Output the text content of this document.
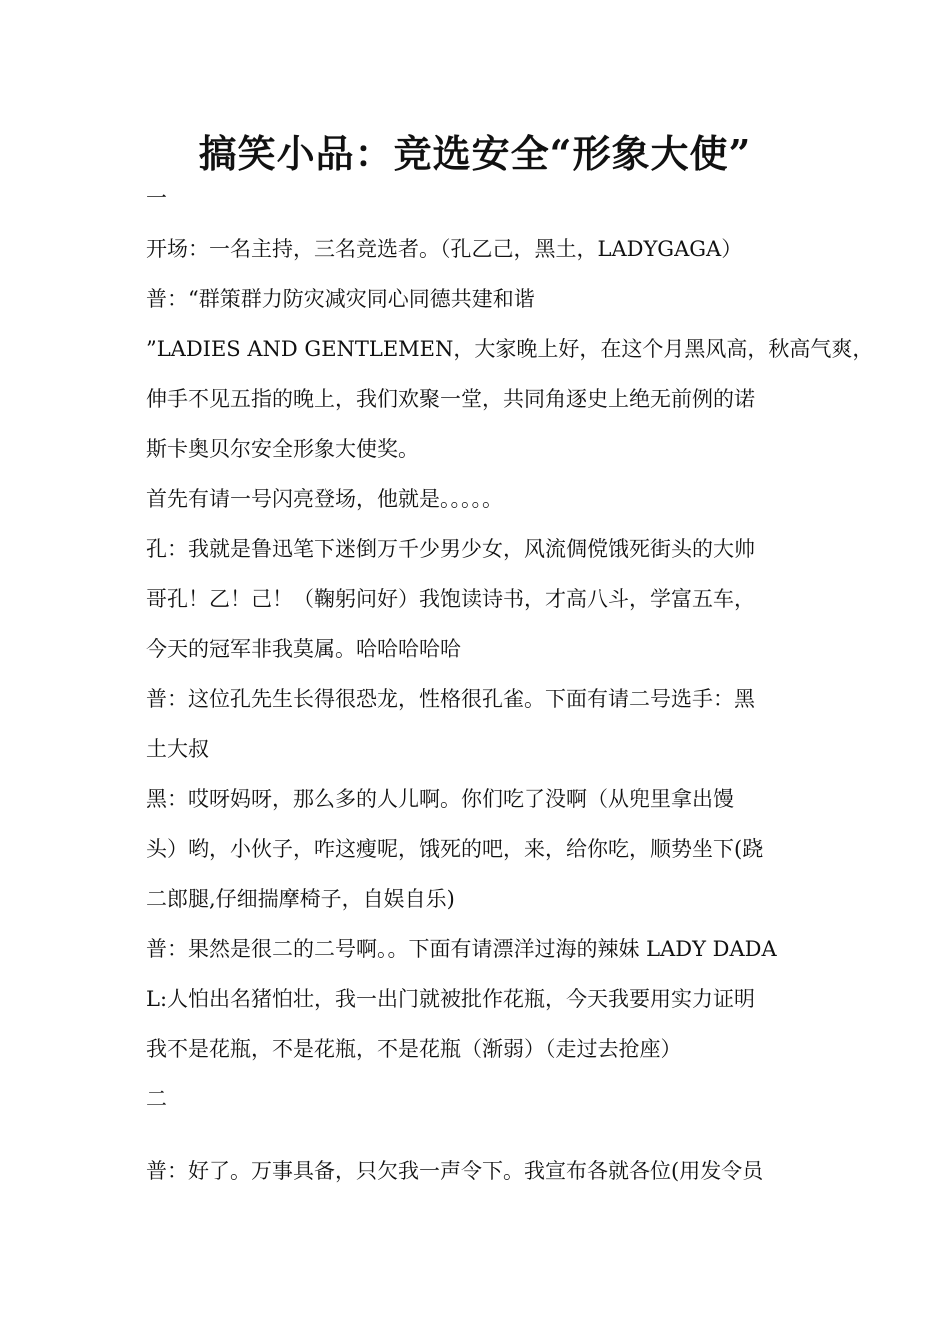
搞笑小品：竞选安全“形象大使”

一

开场：一名主持，三名竞选者。（孔乙己，黑土，LADYGAGA）

普：“群策群力防灾减灾同心同德共建和谐

”LADIES AND GENTLEMEN，大家晚上好，在这个月黑风高，秋高气爽，

伸手不见五指的晚上，我们欢聚一堂，共同角逐史上绝无前例的诺

斯卡奥贝尔安全形象大使奖。

首先有请一号闪亮登场，他就是。。。。。

孔：我就是鲁迅笔下迷倒万千少男少女，风流倜傥饿死街头的大帅

哥孔！乙！己！（鞠躬问好）我饱读诗书，才高八斗，学富五车，

今天的冠军非我莫属。哈哈哈哈哈

普：这位孔先生长得很恐龙，性格很孔雀。下面有请二号选手：黑

土大叔

黑：哎呀妈呀，那么多的人儿啊。你们吃了没啊（从兜里拿出馒

头）哟，小伙子，咋这瘦呢，饿死的吧，来，给你吃，顺势坐下(跷

二郎腿,仔细揣摩椅子，自娱自乐)

普：果然是很二的二号啊。。下面有请漂洋过海的辣妹 LADY DADA

L:人怕出名猪怕壮，我一出门就被批作花瓶，今天我要用实力证明

我不是花瓶，不是花瓶，不是花瓶（渐弱）（走过去抢座）

二

普：好了。万事具备，只欠我一声令下。我宣布各就各位(用发令员
